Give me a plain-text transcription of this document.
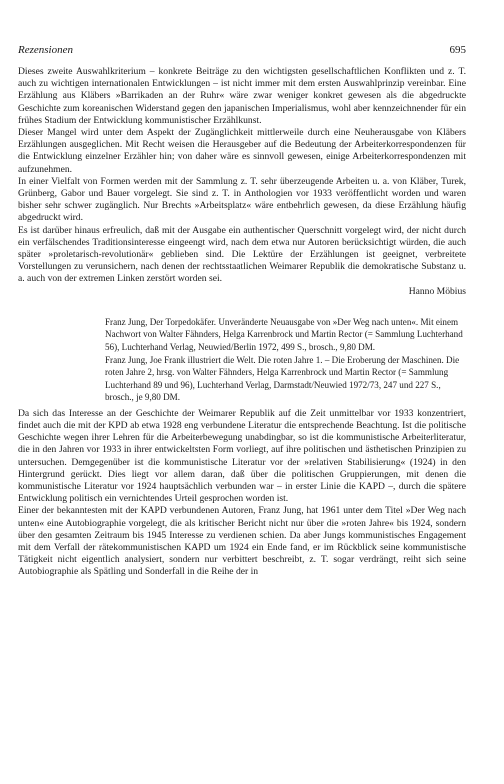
Rezensionen	695

Dieses zweite Auswahlkriterium – konkrete Beiträge zu den wichtigsten gesellschaftlichen Konflikten und z. T. auch zu wichtigen internationalen Entwicklungen – ist nicht immer mit dem ersten Auswahlprinzip vereinbar. Eine Erzählung aus Kläbers »Barrikaden an der Ruhr« wäre zwar weniger konkret gewesen als die abgedruckte Geschichte zum koreanischen Widerstand gegen den japanischen Imperialismus, wohl aber kennzeichnender für ein frühes Stadium der Entwicklung kommunistischer Erzählkunst.

Dieser Mangel wird unter dem Aspekt der Zugänglichkeit mittlerweile durch eine Neuherausgabe von Kläbers Erzählungen ausgeglichen. Mit Recht weisen die Herausgeber auf die Bedeutung der Arbeiterkorrespondenzen für die Entwicklung einzelner Erzähler hin; von daher wäre es sinnvoll gewesen, einige Arbeiterkorrespondenzen mit aufzunehmen.

In einer Vielfalt von Formen werden mit der Sammlung z. T. sehr überzeugende Arbeiten u. a. von Kläber, Turek, Grünberg, Gabor und Bauer vorgelegt. Sie sind z. T. in Anthologien vor 1933 veröffentlicht worden und waren bisher sehr schwer zugänglich. Nur Brechts »Arbeitsplatz« wäre entbehrlich gewesen, da diese Erzählung häufig abgedruckt wird.

Es ist darüber hinaus erfreulich, daß mit der Ausgabe ein authentischer Querschnitt vorgelegt wird, der nicht durch ein verfälschendes Traditionsinteresse eingeengt wird, nach dem etwa nur Autoren berücksichtigt würden, die auch später »proletarisch-revolutionär« geblieben sind. Die Lektüre der Erzählungen ist geeignet, verbreitete Vorstellungen zu verunsichern, nach denen der rechtsstaatlichen Weimarer Republik die demokratische Substanz u. a. auch von der extremen Linken zerstört worden sei.

Hanno Möbius

Franz Jung, Der Torpedokäfer. Unveränderte Neuausgabe von »Der Weg nach unten«. Mit einem Nachwort von Walter Fähnders, Helga Karrenbrock und Martin Rector (= Sammlung Luchterhand 56), Luchterhand Verlag, Neuwied/Berlin 1972, 499 S., brosch., 9,80 DM.

Franz Jung, Joe Frank illustriert die Welt. Die roten Jahre 1. – Die Eroberung der Maschinen. Die roten Jahre 2, hrsg. von Walter Fähnders, Helga Karrenbrock und Martin Rector (= Sammlung Luchterhand 89 und 96), Luchterhand Verlag, Darmstadt/Neuwied 1972/73, 247 und 227 S., brosch., je 9,80 DM.

Da sich das Interesse an der Geschichte der Weimarer Republik auf die Zeit unmittelbar vor 1933 konzentriert, findet auch die mit der KPD ab etwa 1928 eng verbundene Literatur die entsprechende Beachtung. Ist die politische Geschichte wegen ihrer Lehren für die Arbeiterbewegung unabdingbar, so ist die kommunistische Arbeiterliteratur, die in den Jahren vor 1933 in ihrer entwickeltsten Form vorliegt, auf ihre politischen und ästhetischen Prinzipien zu untersuchen. Demgegenüber ist die kommunistische Literatur vor der »relativen Stabilisierung« (1924) in den Hintergrund gerückt. Dies liegt vor allem daran, daß über die politischen Gruppierungen, mit denen die kommunistische Literatur vor 1924 hauptsächlich verbunden war – in erster Linie die KAPD –, durch die spätere Entwicklung politisch ein vernichtendes Urteil gesprochen worden ist.

Einer der bekanntesten mit der KAPD verbundenen Autoren, Franz Jung, hat 1961 unter dem Titel »Der Weg nach unten« eine Autobiographie vorgelegt, die als kritischer Bericht nicht nur über die »roten Jahre« bis 1924, sondern über den gesamten Zeitraum bis 1945 Interesse zu verdienen schien. Da aber Jungs kommunistisches Engagement mit dem Verfall der rätekommunistischen KAPD um 1924 ein Ende fand, er im Rückblick seine kommunistische Tätigkeit nicht eigentlich analysiert, sondern nur verbittert beschreibt, z. T. sogar verdrängt, reiht sich seine Autobiographie als Spätling und Sonderfall in die Reihe der in
